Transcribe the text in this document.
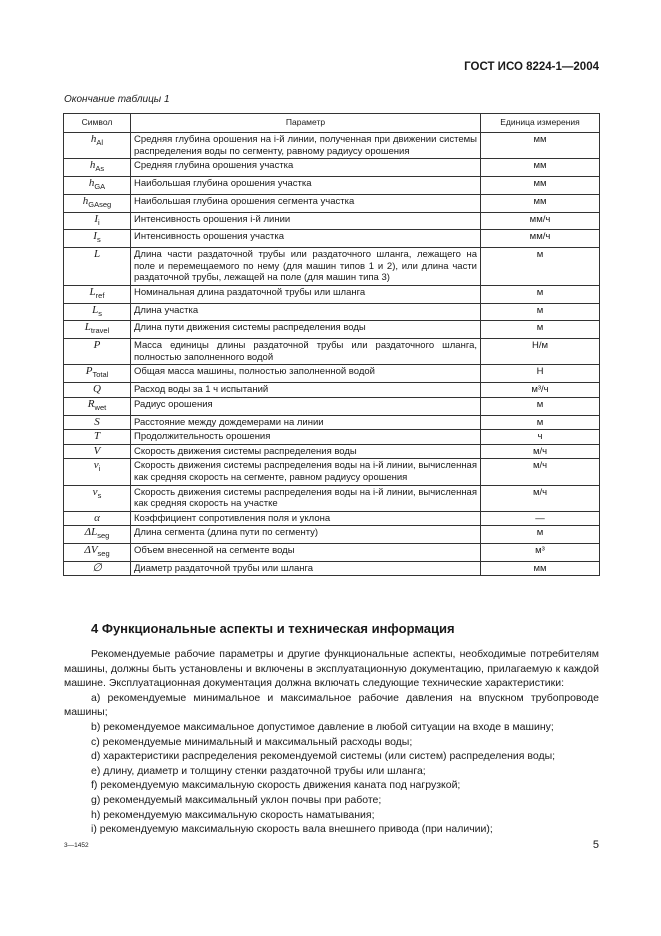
ГОСТ ИСО 8224-1—2004
Окончание таблицы 1
Символ	Параметр	Единица измерения
$h_{Al}$	Средняя глубина орошения на i-й линии, полученная при движении системы распределения воды по сегменту, равному радиусу орошения	мм
$h_{As}$	Средняя глубина орошения участка	мм
$h_{GA}$	Наибольшая глубина орошения участка	мм
$h_{GAseg}$	Наибольшая глубина орошения сегмента участка	мм
$I_i$	Интенсивность орошения i-й линии	мм/ч
$I_s$	Интенсивность орошения участка	мм/ч
L	Длина части раздаточной трубы или раздаточного шланга, лежащего на поле и перемещаемого по нему (для машин типов 1 и 2), или длина части раздаточной трубы, лежащей на поле (для машин типа 3)	м
$L_{ref}$	Номинальная длина раздаточной трубы или шланга	м
$L_s$	Длина участка	м
$L_{travel}$	Длина пути движения системы распределения воды	м
P	Масса единицы длины раздаточной трубы или раздаточного шланга, полностью заполненного водой	Н/м
$P_{Total}$	Общая масса машины, полностью заполненной водой	Н
Q	Расход воды за 1 ч испытаний	м³/ч
$R_{wet}$	Радиус орошения	м
S	Расстояние между дождемерами на линии	м
T	Продолжительность орошения	ч
V	Скорость движения системы распределения воды	м/ч
$v_i$	Скорость движения системы распределения воды на i-й линии, вычисленная как средняя скорость на сегменте, равном радиусу орошения	м/ч
$v_s$	Скорость движения системы распределения воды на i-й линии, вычисленная как средняя скорость на участке	м/ч
α	Коэффициент сопротивления поля и уклона	—
$\Delta L_{seg}$	Длина сегмента (длина пути по сегменту)	м
$\Delta V_{seg}$	Объем внесенной на сегменте воды	м³
∅	Диаметр раздаточной трубы или шланга	мм
4 Функциональные аспекты и техническая информация

Рекомендуемые рабочие параметры и другие функциональные аспекты, необходимые потребителям машины, должны быть установлены и включены в эксплуатационную документацию, прилагаемую к каждой машине. Эксплуатационная документация должна включать следующие технические характеристики:

а) рекомендуемые минимальное и максимальное рабочие давления на впускном трубопроводе машины;

b) рекомендуемое максимальное допустимое давление в любой ситуации на входе в машину;

c) рекомендуемые минимальный и максимальный расходы воды;

d) характеристики распределения рекомендуемой системы (или систем) распределения воды;

е) длину, диаметр и толщину стенки раздаточной трубы или шланга;

f) рекомендуемую максимальную скорость движения каната под нагрузкой;

g) рекомендуемый максимальный уклон почвы при работе;

h) рекомендуемую максимальную скорость наматывания;

i) рекомендуемую максимальную скорость вала внешнего привода (при наличии);

3—1452	5
